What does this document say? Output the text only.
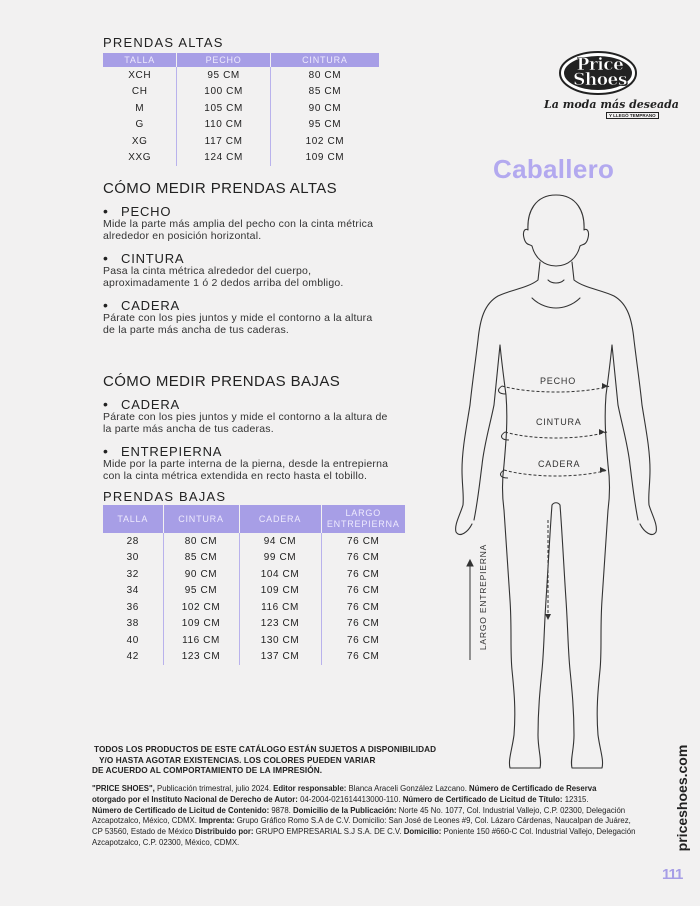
PRENDAS ALTAS
TALLA	PECHO	CINTURA
XCH	95 CM	80 CM
CH	100 CM	85 CM
M	105 CM	90 CM
G	110 CM	95 CM
XG	117 CM	102 CM
XXG	124 CM	109 CM
Price
Shoes
La moda más deseada
Y LLEGÓ TEMPRANO
Caballero
CÓMO MEDIR PRENDAS ALTAS
• PECHO
Mide la parte más amplia del pecho con la cinta métrica
alrededor en posición horizontal.
• CINTURA
Pasa la cinta métrica alrededor del cuerpo,
aproximadamente 1 ó 2 dedos arriba del ombligo.
• CADERA
Párate con los pies juntos y mide el contorno a la altura
de la parte más ancha de tus caderas.
CÓMO MEDIR PRENDAS BAJAS
• CADERA
Párate con los pies juntos y mide el contorno a la altura de
la parte más ancha de tus caderas.
• ENTREPIERNA
Mide por la parte interna de la pierna, desde la entrepierna
con la cinta métrica extendida en recto hasta el tobillo.
PRENDAS BAJAS
TALLA	CINTURA	CADERA	LARGO ENTREPIERNA
28	80 CM	94 CM	76 CM
30	85 CM	99 CM	76 CM
32	90 CM	104 CM	76 CM
34	95 CM	109 CM	76 CM
36	102 CM	116 CM	76 CM
38	109 CM	123 CM	76 CM
40	116 CM	130 CM	76 CM
42	123 CM	137 CM	76 CM
PECHO
CINTURA
CADERA
LARGO ENTREPIERNA
TODOS LOS PRODUCTOS DE ESTE CATÁLOGO ESTÁN SUJETOS A DISPONIBILIDAD
Y/O HASTA AGOTAR EXISTENCIAS. LOS COLORES PUEDEN VARIAR
DE ACUERDO AL COMPORTAMIENTO DE LA IMPRESIÓN.
"PRICE SHOES", Publicación trimestral, julio 2024. Editor responsable: Blanca Araceli González Lazcano. Número de Certificado de Reserva
otorgado por el Instituto Nacional de Derecho de Autor: 04-2004-021614413000-110. Número de Certificado de Licitud de Título: 12315.
Número de Certificado de Licitud de Contenido: 9878. Domicilio de la Publicación: Norte 45 No. 1077, Col. Industrial Vallejo, C.P. 02300, Delegación
Azcapotzalco, México, CDMX. Imprenta: Grupo Gráfico Romo S.A de C.V. Domicilio: San José de Leones #9, Col. Lázaro Cárdenas, Naucalpan de Juárez,
CP 53560, Estado de México Distribuido por: GRUPO EMPRESARIAL S.J S.A. DE C.V. Domicilio: Poniente 150 #660-C Col. Industrial Vallejo, Delegación
Azcapotzalco, C.P. 02300, México, CDMX.	priceshoes.com
111
